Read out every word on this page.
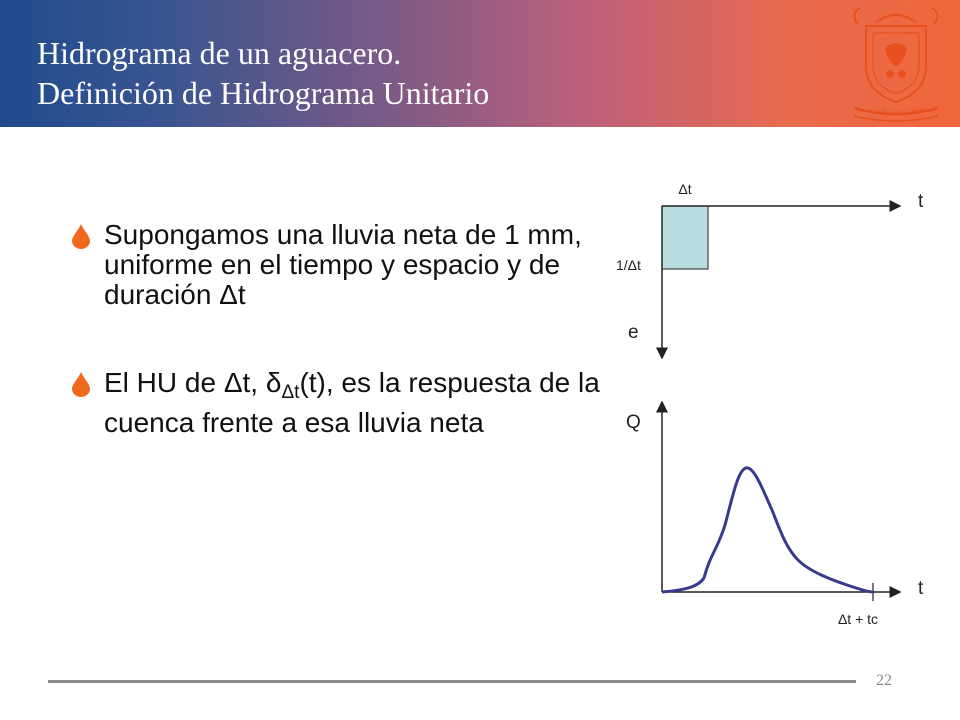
Hidrograma de un aguacero.
Definición de Hidrograma Unitario
LABOR LÆTITIA NOSTRA
Supongamos una lluvia neta de 1 mm, uniforme en el tiempo y espacio y de duración Δt
El HU de Δt, $\delta_{\Delta t}(t)$, es la respuesta de la cuenca frente a esa lluvia neta
Δt
t
1/Δt
e
Q
t
Δt + tc
22
